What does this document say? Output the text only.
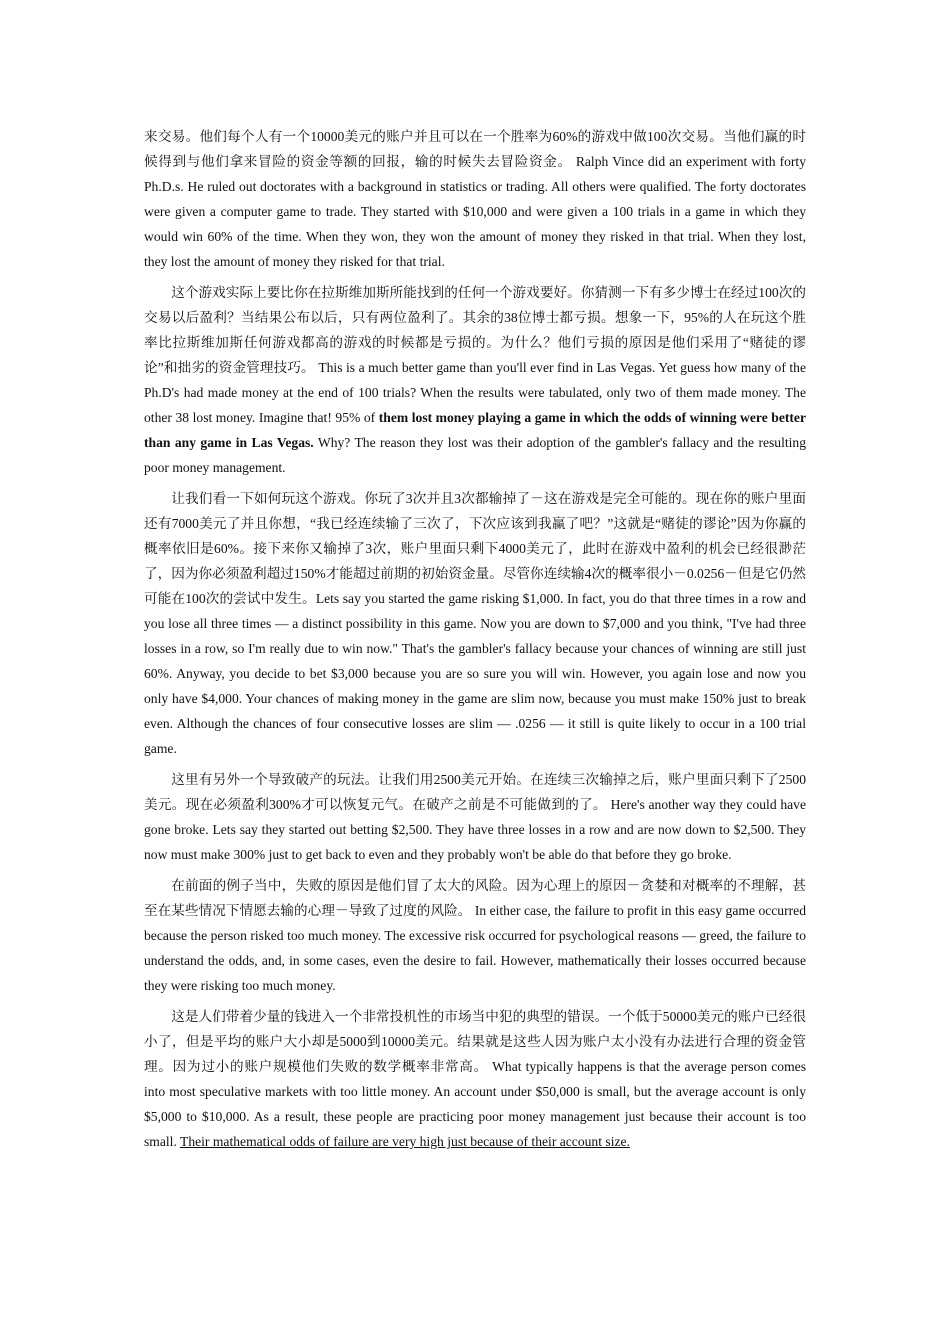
来交易。他们每个人有一个10000美元的账户并且可以在一个胜率为60%的游戏中做100次交易。当他们赢的时候得到与他们拿来冒险的资金等额的回报，输的时候失去冒险资金。 Ralph Vince did an experiment with forty Ph.D.s. He ruled out doctorates with a background in statistics or trading. All others were qualified. The forty doctorates were given a computer game to trade. They started with $10,000 and were given a 100 trials in a game in which they would win 60% of the time. When they won, they won the amount of money they risked in that trial. When they lost, they lost the amount of money they risked for that trial.

这个游戏实际上要比你在拉斯维加斯所能找到的任何一个游戏要好。你猜测一下有多少博士在经过100次的交易以后盈利？当结果公布以后，只有两位盈利了。其余的38位博士都亏损。想象一下，95%的人在玩这个胜率比拉斯维加斯任何游戏都高的游戏的时候都是亏损的。为什么？他们亏损的原因是他们采用了“赌徒的谬论”和拙劣的资金管理技巧。 This is a much better game than you'll ever find in Las Vegas. Yet guess how many of the Ph.D's had made money at the end of 100 trials? When the results were tabulated, only two of them made money. The other 38 lost money. Imagine that! 95% of them lost money playing a game in which the odds of winning were better than any game in Las Vegas. Why? The reason they lost was their adoption of the gambler's fallacy and the resulting poor money management.

让我们看一下如何玩这个游戏。你玩了3次并且3次都输掉了－这在游戏是完全可能的。现在你的账户里面还有7000美元了并且你想，“我已经连续输了三次了，下次应该到我赢了吧？”这就是“赌徒的谬论”因为你赢的概率依旧是60%。接下来你又输掉了3次，账户里面只剩下4000美元了，此时在游戏中盈利的机会已经很渺茫了，因为你必须盈利超过150%才能超过前期的初始资金量。尽管你连续输4次的概率很小－0.0256－但是它仍然可能在100次的尝试中发生。Lets say you started the game risking $1,000. In fact, you do that three times in a row and you lose all three times — a distinct possibility in this game. Now you are down to $7,000 and you think, "I've had three losses in a row, so I'm really due to win now." That's the gambler's fallacy because your chances of winning are still just 60%. Anyway, you decide to bet $3,000 because you are so sure you will win. However, you again lose and now you only have $4,000. Your chances of making money in the game are slim now, because you must make 150% just to break even. Although the chances of four consecutive losses are slim — .0256 — it still is quite likely to occur in a 100 trial game.

这里有另外一个导致破产的玩法。让我们用2500美元开始。在连续三次输掉之后，账户里面只剩下了2500美元。现在必须盈利300%才可以恢复元气。在破产之前是不可能做到的了。 Here's another way they could have gone broke. Lets say they started out betting $2,500. They have three losses in a row and are now down to $2,500. They now must make 300% just to get back to even and they probably won't be able do that before they go broke.

在前面的例子当中，失败的原因是他们冒了太大的风险。因为心理上的原因－贪婪和对概率的不理解，甚至在某些情况下情愿去输的心理－导致了过度的风险。 In either case, the failure to profit in this easy game occurred because the person risked too much money. The excessive risk occurred for psychological reasons — greed, the failure to understand the odds, and, in some cases, even the desire to fail. However, mathematically their losses occurred because they were risking too much money.

这是人们带着少量的钱进入一个非常投机性的市场当中犯的典型的错误。一个低于50000美元的账户已经很小了，但是平均的账户大小却是5000到10000美元。结果就是这些人因为账户太小没有办法进行合理的资金管理。因为过小的账户规模他们失败的数学概率非常高。 What typically happens is that the average person comes into most speculative markets with too little money. An account under $50,000 is small, but the average account is only $5,000 to $10,000. As a result, these people are practicing poor money management just because their account is too small. Their mathematical odds of failure are very high just because of their account size.
